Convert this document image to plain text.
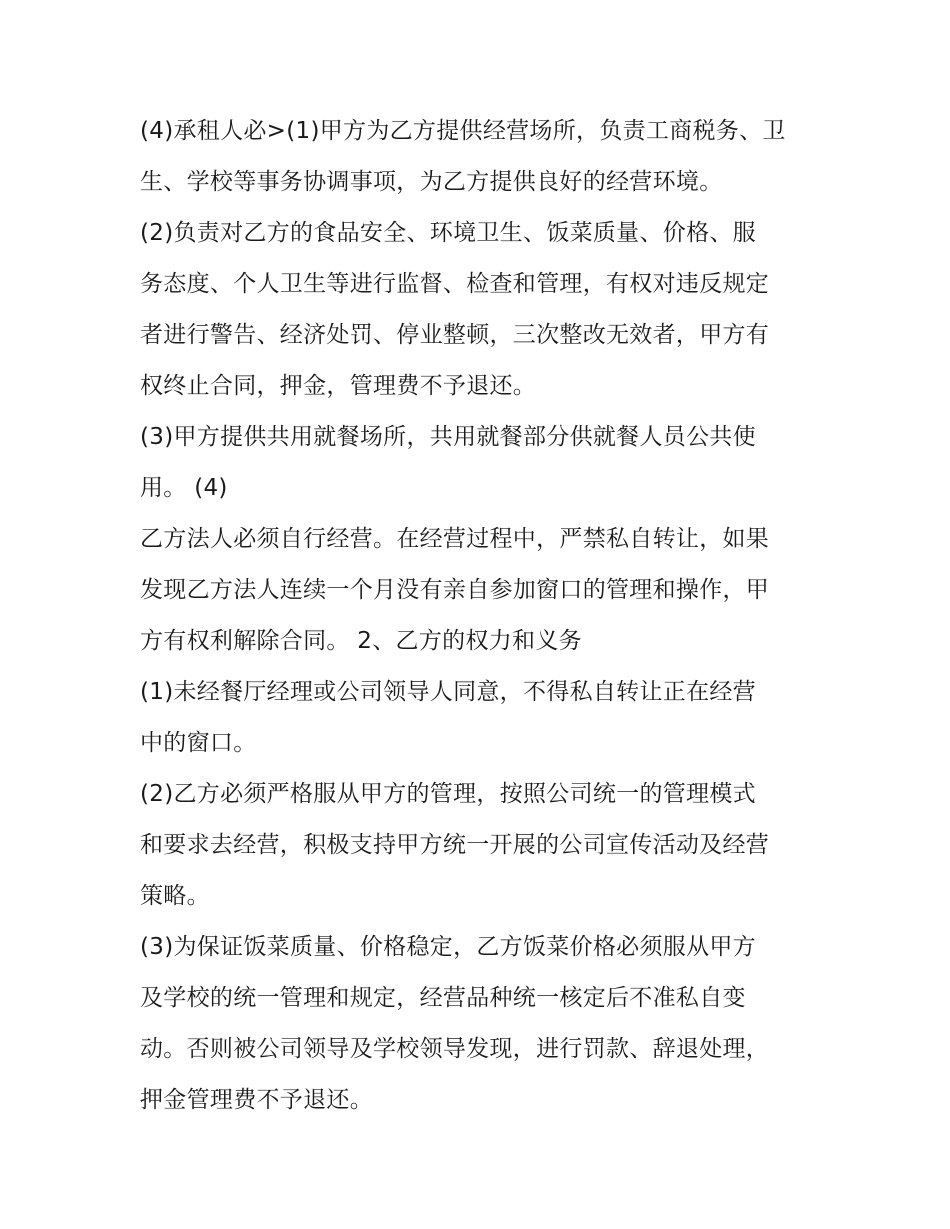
(4)承租人必>(1)甲方为乙方提供经营场所，负责工商税务、卫
生、学校等事务协调事项，为乙方提供良好的经营环境。
(2)负责对乙方的食品安全、环境卫生、饭菜质量、价格、服
务态度、个人卫生等进行监督、检查和管理，有权对违反规定
者进行警告、经济处罚、停业整顿，三次整改无效者，甲方有
权终止合同，押金，管理费不予退还。
(3)甲方提供共用就餐场所，共用就餐部分供就餐人员公共使
用。 (4)
乙方法人必须自行经营。在经营过程中，严禁私自转让，如果
发现乙方法人连续一个月没有亲自参加窗口的管理和操作，甲
方有权利解除合同。 2、乙方的权力和义务
(1)未经餐厅经理或公司领导人同意，不得私自转让正在经营
中的窗口。
(2)乙方必须严格服从甲方的管理，按照公司统一的管理模式
和要求去经营，积极支持甲方统一开展的公司宣传活动及经营
策略。
(3)为保证饭菜质量、价格稳定，乙方饭菜价格必须服从甲方
及学校的统一管理和规定，经营品种统一核定后不准私自变
动。否则被公司领导及学校领导发现，进行罚款、辞退处理，
押金管理费不予退还。
